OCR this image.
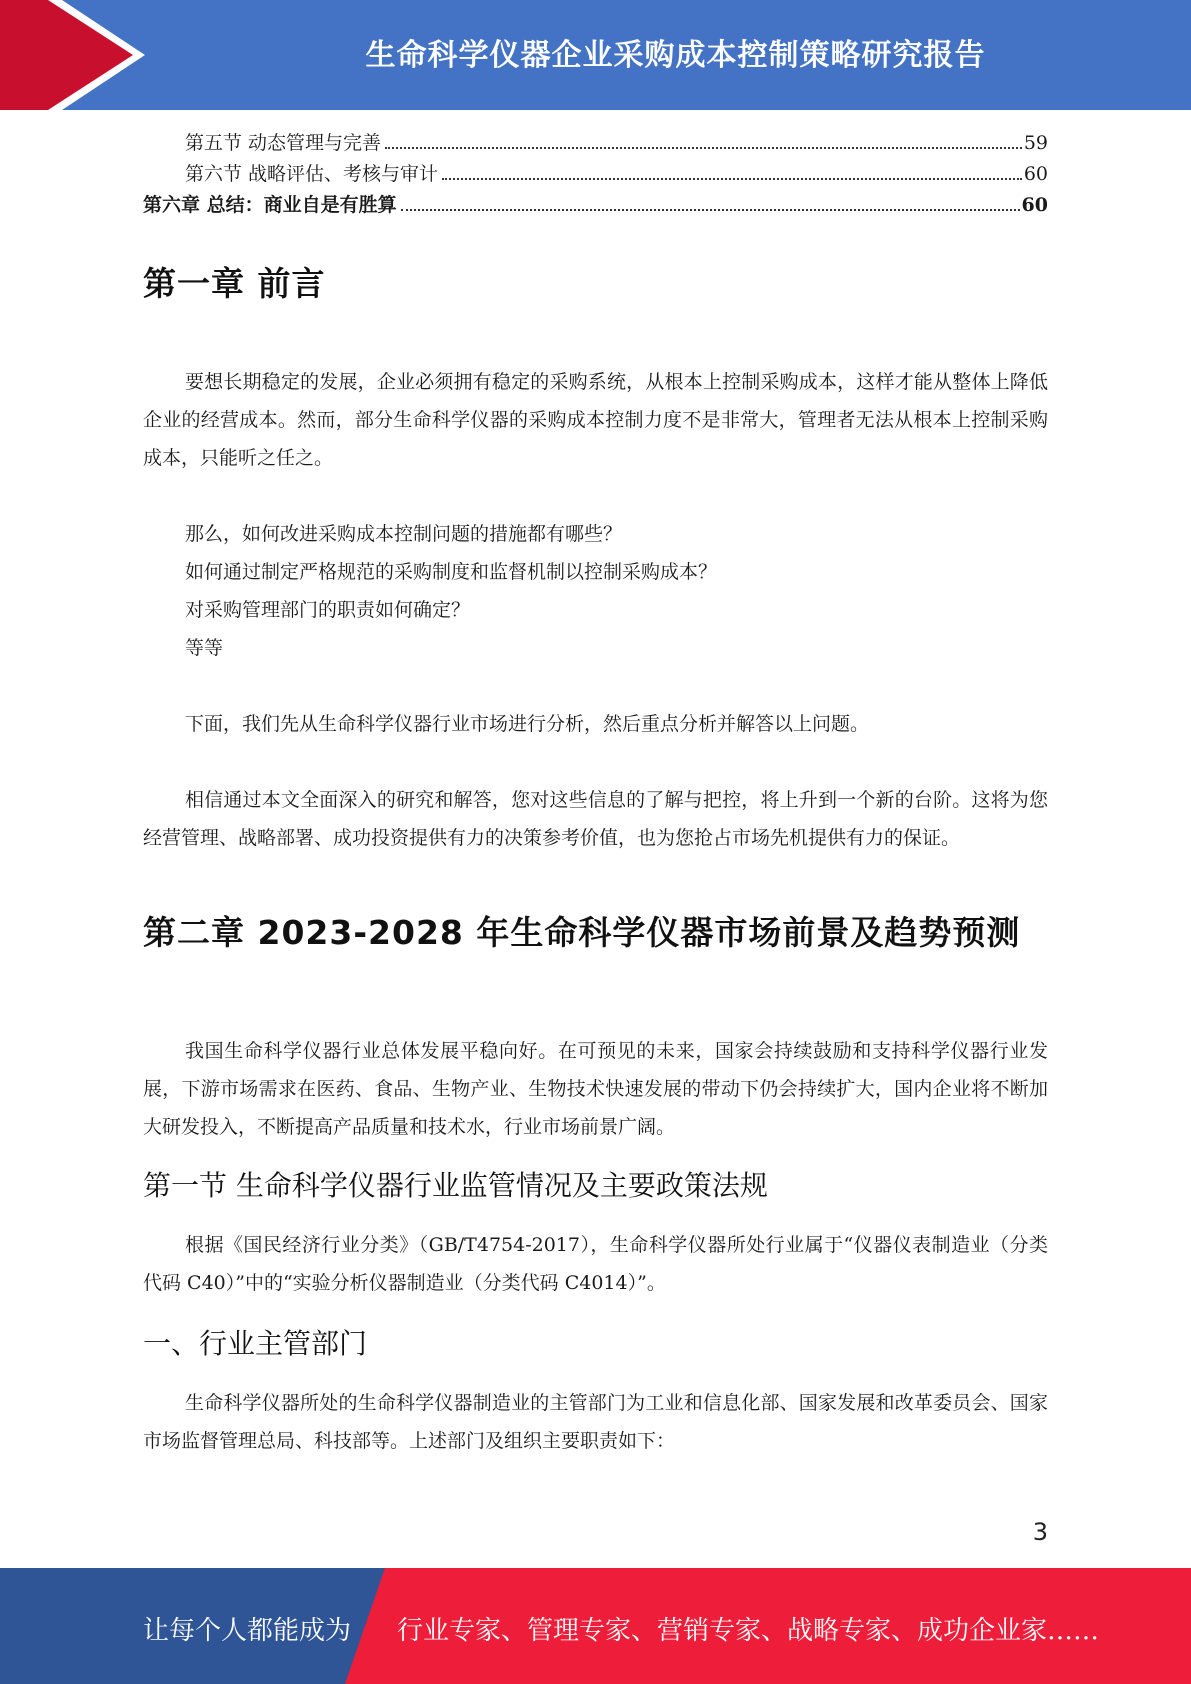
生命科学仪器企业采购成本控制策略研究报告
第五节 动态管理与完善	59
第六节 战略评估、考核与审计	60
第六章 总结：商业自是有胜算	60
第一章 前言

要想长期稳定的发展，企业必须拥有稳定的采购系统，从根本上控制采购成本，这样才能从整体上降低企业的经营成本。然而，部分生命科学仪器的采购成本控制力度不是非常大，管理者无法从根本上控制采购成本，只能听之任之。

那么，如何改进采购成本控制问题的措施都有哪些？

如何通过制定严格规范的采购制度和监督机制以控制采购成本？

对采购管理部门的职责如何确定？

等等

下面，我们先从生命科学仪器行业市场进行分析，然后重点分析并解答以上问题。

相信通过本文全面深入的研究和解答，您对这些信息的了解与把控，将上升到一个新的台阶。这将为您经营管理、战略部署、成功投资提供有力的决策参考价值，也为您抢占市场先机提供有力的保证。

第二章 2023-2028 年生命科学仪器市场前景及趋势预测

我国生命科学仪器行业总体发展平稳向好。在可预见的未来，国家会持续鼓励和支持科学仪器行业发展，下游市场需求在医药、食品、生物产业、生物技术快速发展的带动下仍会持续扩大，国内企业将不断加大研发投入，不断提高产品质量和技术水，行业市场前景广阔。

第一节 生命科学仪器行业监管情况及主要政策法规

根据《国民经济行业分类》（GB/T4754-2017），生命科学仪器所处行业属于“仪器仪表制造业（分类代码 C40）”中的“实验分析仪器制造业（分类代码 C4014）”。

一、行业主管部门

生命科学仪器所处的生命科学仪器制造业的主管部门为工业和信息化部、国家发展和改革委员会、国家市场监督管理总局、科技部等。上述部门及组织主要职责如下：

3
让每个人都能成为 行业专家、管理专家、营销专家、战略专家、成功企业家……
